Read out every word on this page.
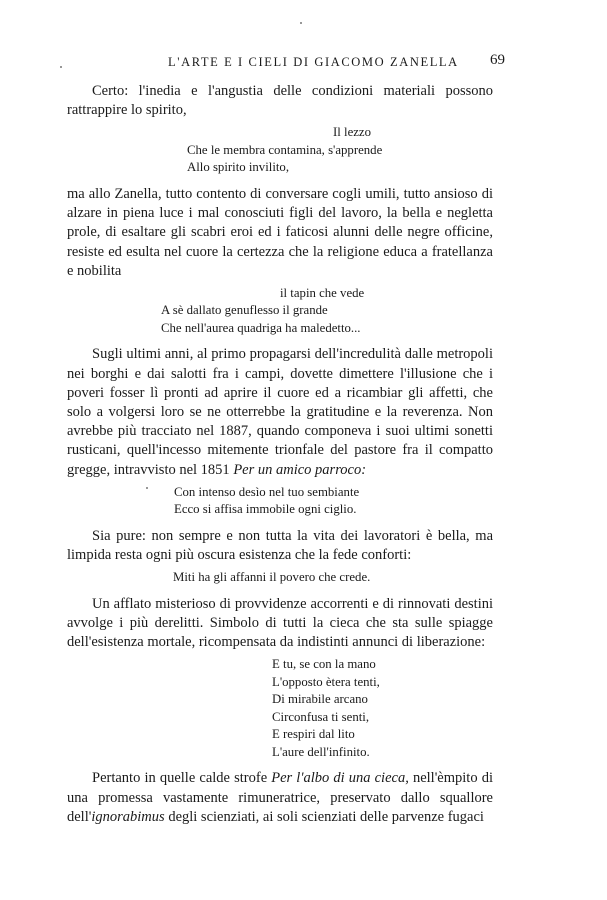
L'ARTE E I CIELI DI GIACOMO ZANELLA 69

Certo: l'inedia e l'angustia delle condizioni materiali possono rattrappire lo spirito,

Il lezzo
Che le membra contamina, s'apprende
Allo spirito invilito,

ma allo Zanella, tutto contento di conversare cogli umili, tutto ansioso di alzare in piena luce i mal conosciuti figli del lavoro, la bella e negletta prole, di esaltare gli scabri eroi ed i faticosi alunni delle negre officine, resiste ed esulta nel cuore la certezza che la religione educa a fratellanza e nobilita

il tapin che vede
A sè dallato genuflesso il grande
Che nell'aurea quadriga ha maledetto...

Sugli ultimi anni, al primo propagarsi dell'incredulità dalle metropoli nei borghi e dai salotti fra i campi, dovette dimettere l'illusione che i poveri fosser lì pronti ad aprire il cuore ed a ricambiar gli affetti, che solo a volgersi loro se ne otterrebbe la gratitudine e la reverenza. Non avrebbe più tracciato nel 1887, quando componeva i suoi ultimi sonetti rusticani, quell'incesso mitemente trionfale del pastore fra il compatto gregge, intravvisto nel 1851 Per un amico parroco:

Con intenso desìo nel tuo sembiante
Ecco si affisa immobile ogni ciglio.

Sia pure: non sempre e non tutta la vita dei lavoratori è bella, ma limpida resta ogni più oscura esistenza che la fede conforti:

Miti ha gli affanni il povero che crede.

Un afflato misterioso di provvidenze accorrenti e di rinnovati destini avvolge i più derelitti. Simbolo di tutti la cieca che sta sulle spiagge dell'esistenza mortale, ricompensata da indistinti annunci di liberazione:

E tu, se con la mano
L'opposto ètera tenti,
Di mirabile arcano
Circonfusa ti senti,
E respiri dal lito
L'aure dell'infinito.

Pertanto in quelle calde strofe Per l'albo di una cieca, nell'èmpito di una promessa vastamente rimuneratrice, preservato dallo squallore dell'ignorabimus degli scienziati, ai soli scienziati delle parvenze fugaci
